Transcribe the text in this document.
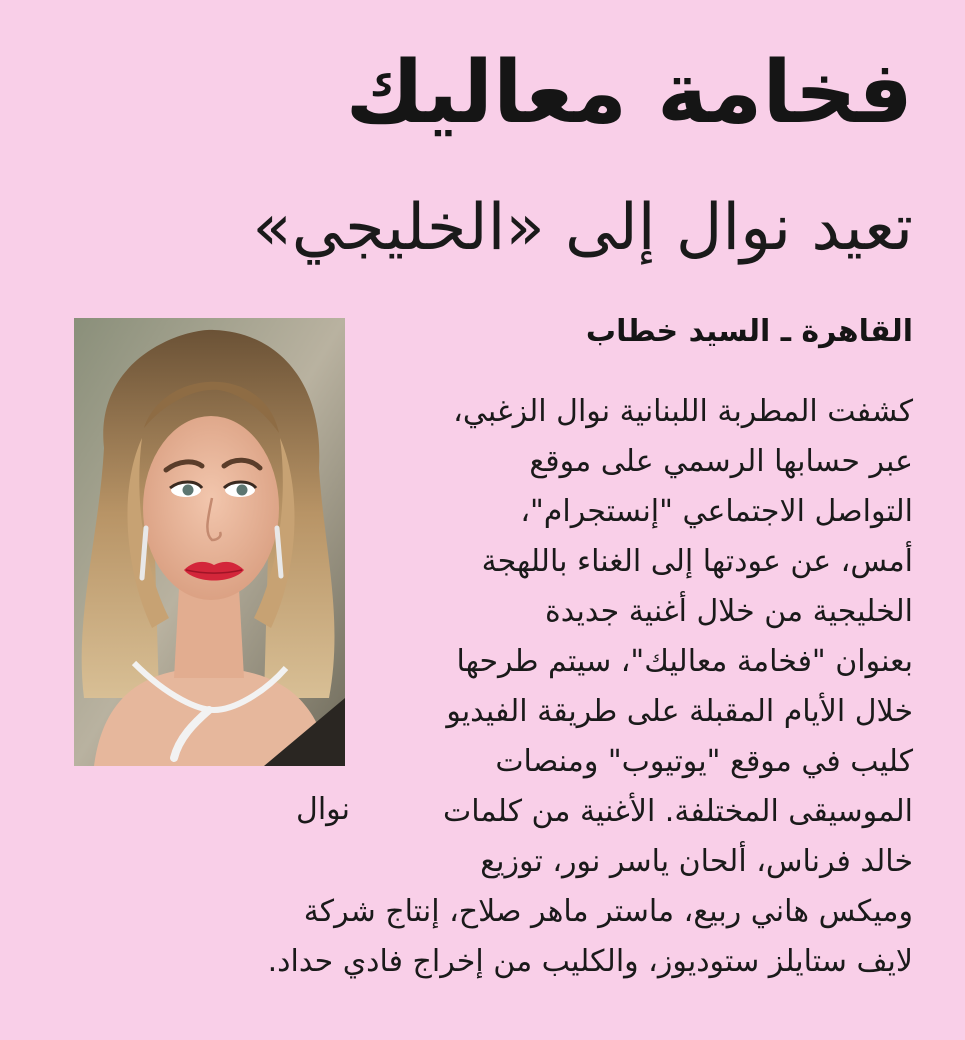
فخامة معاليك
تعيد نوال إلى «الخليجي»
القاهرة ـ السيد خطاب
نوال
كشفت المطربة اللبنانية نوال الزغبي،
عبر حسابها الرسمي على موقع
التواصل الاجتماعي "إنستجرام"،
أمس، عن عودتها إلى الغناء باللهجة
الخليجية من خلال أغنية جديدة
بعنوان "فخامة معاليك"، سيتم طرحها
خلال الأيام المقبلة على طريقة الفيديو
كليب في موقع "يوتيوب" ومنصات
الموسيقى المختلفة. الأغنية من كلمات
خالد فرناس، ألحان ياسر نور، توزيع
وميكس هاني ربيع، ماستر ماهر صلاح، إنتاج شركة
لايف ستايلز ستوديوز، والكليب من إخراج فادي حداد.
